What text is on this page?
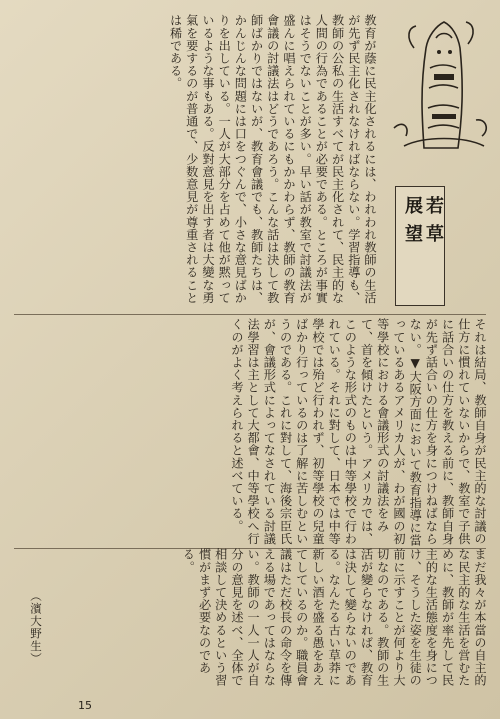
若草
展望
教育が蔭に民主化されるには、われわれ教師の生活が先ず民主化されなければならない。学習指導も、教師の公私の生活すべてが民主化されて、民主的な人間の行為であることが必要である。ところが事實はそうでないことが多い。早い話が教室で討議法が盛んに唱えられているにもかかわらず、教師の教育會議の討議法はどうであろう。こんな話は決して教師ばかりではないが、教育會議でも、教師たちは、かんじんな問題には口をつぐんで、小さな意見ばかりを出している。一人が大部分を占めて他が黙っているような事もある。反對意見を出す者は大變な勇氣を要するのが普通で、少数意見が尊重されることは稀である。
それは結局、教師自身が民主的な討議の仕方に慣れていないからで、教室で子供に話合いの仕方を教える前に、教師自身が先ず話合いの仕方を身につけねばならない。▼大阪方面において教育指導に當っているあるアメリカ人が、わが國の初等學校における會議形式の討議法をみて、首を傾けたという。アメリカでは、このような形式のものは中等學校で行われている。それに對して、日本では中等學校では殆ど行われず、初等學校の兒童ばかり行っているのは了解に苦しむというのである。これに對して、海後宗臣氏が、會議形式によってなされている討議法學習は主として大都會、中等學校へ行くのがよく考えられると述べている。
まだ我々が本當の自主的な民主的な生活を営むために、教師が率先して民主的な生活態度を身につけ、そうした姿を生徒の前に示すことが何より大切なのである。教師の生活が變らなければ、教育は決して變らないのである。なんたる古い草莽に新しい酒を盛る愚をあえてしているのか。職員會議はただ校長の命令を傳える場であってはならない。教師の一人一人が自分の意見を述べ、全体で相談して決めるという習慣がまず必要なのである。
（濱大野生）
15
